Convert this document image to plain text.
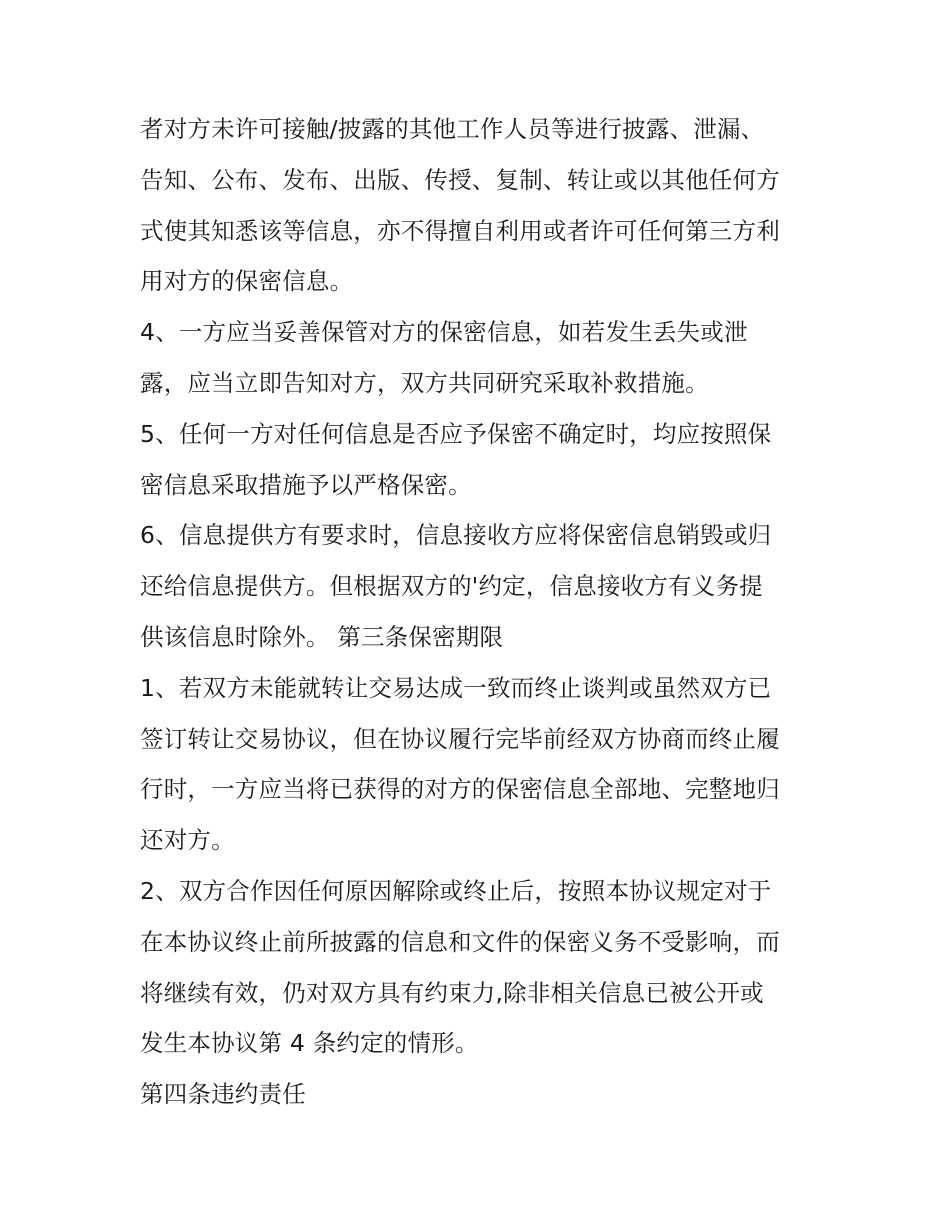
者对方未许可接触/披露的其他工作人员等进行披露、泄漏、
告知、公布、发布、出版、传授、复制、转让或以其他任何方
式使其知悉该等信息，亦不得擅自利用或者许可任何第三方利
用对方的保密信息。
4、一方应当妥善保管对方的保密信息，如若发生丢失或泄
露，应当立即告知对方，双方共同研究采取补救措施。
5、任何一方对任何信息是否应予保密不确定时，均应按照保
密信息采取措施予以严格保密。
6、信息提供方有要求时，信息接收方应将保密信息销毁或归
还给信息提供方。但根据双方的'约定，信息接收方有义务提
供该信息时除外。 第三条保密期限
1、若双方未能就转让交易达成一致而终止谈判或虽然双方已
签订转让交易协议，但在协议履行完毕前经双方协商而终止履
行时，一方应当将已获得的对方的保密信息全部地、完整地归
还对方。
2、双方合作因任何原因解除或终止后，按照本协议规定对于
在本协议终止前所披露的信息和文件的保密义务不受影响，而
将继续有效，仍对双方具有约束力,除非相关信息已被公开或
发生本协议第 4 条约定的情形。
第四条违约责任
